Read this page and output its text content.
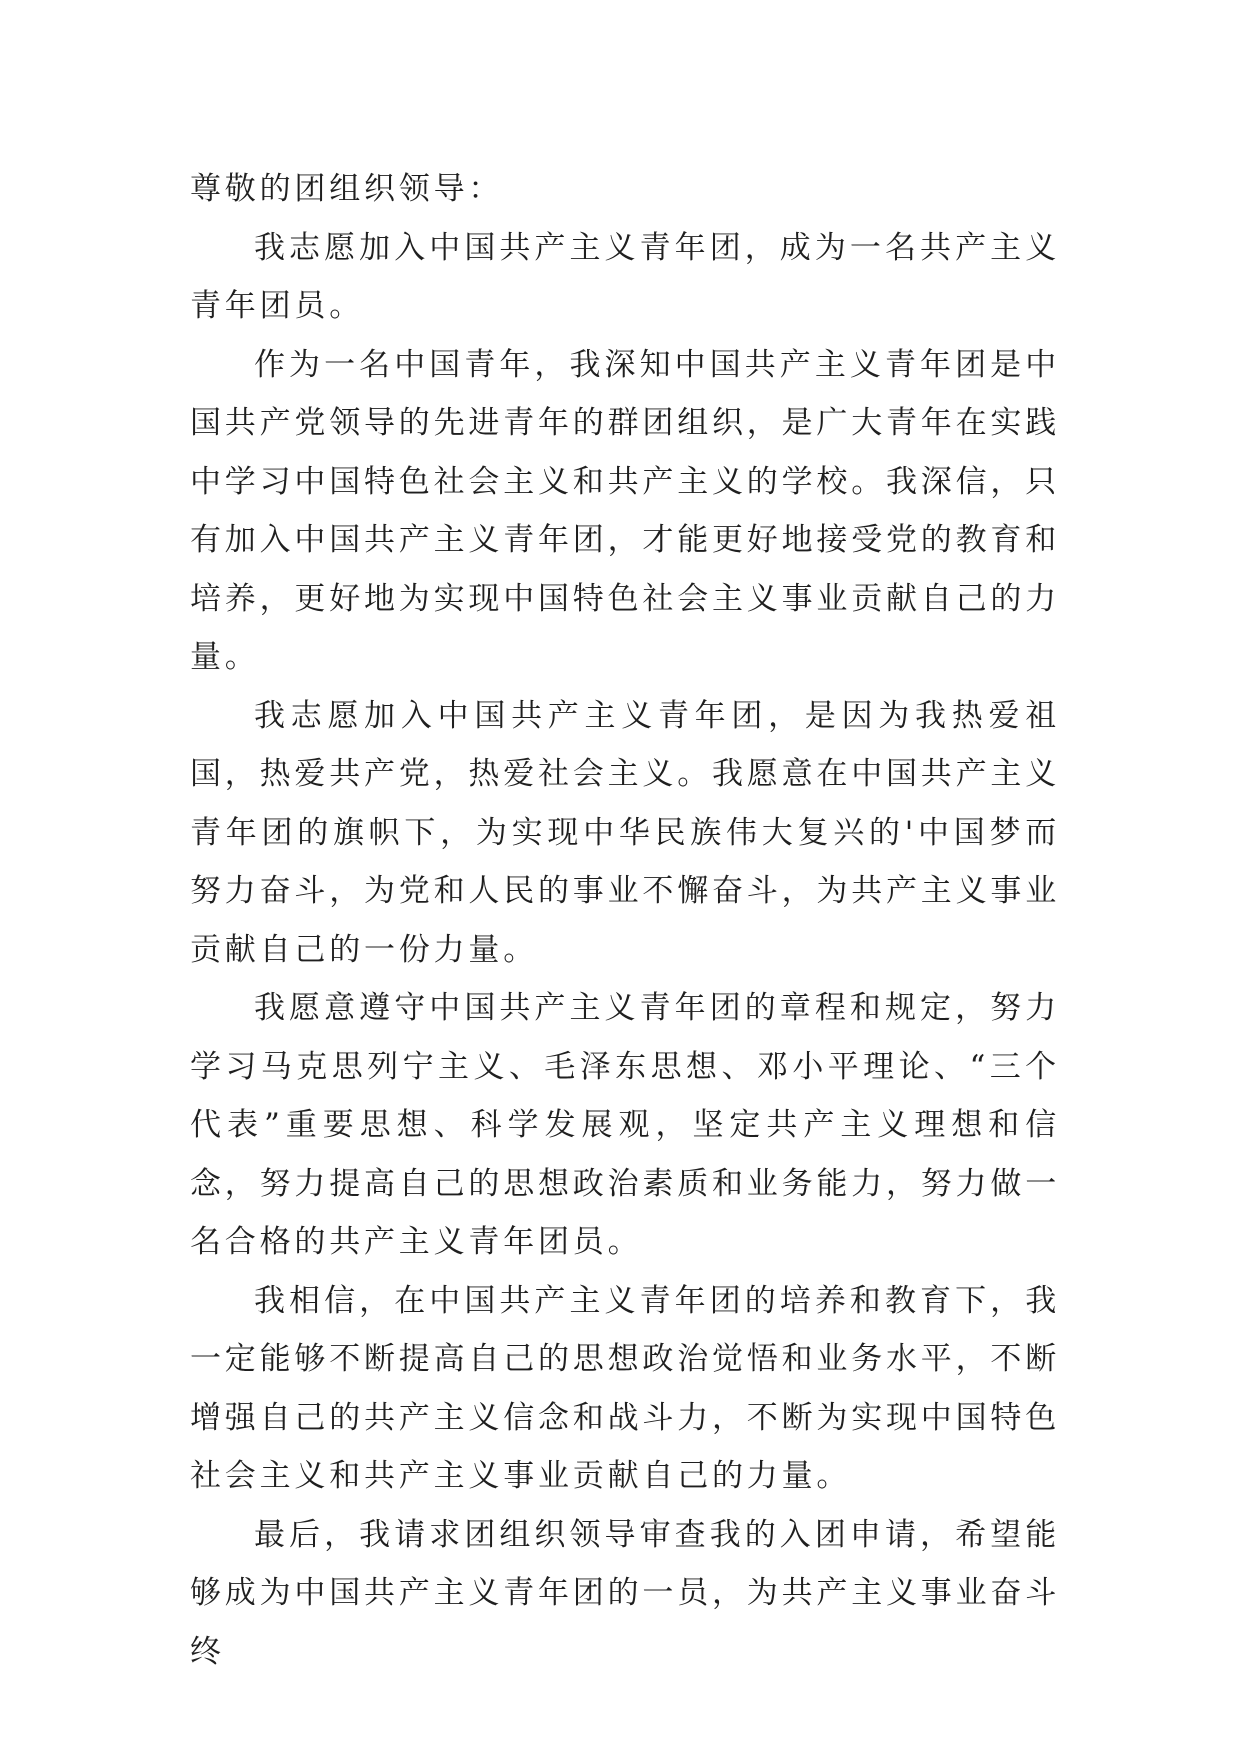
尊敬的团组织领导：

我志愿加入中国共产主义青年团，成为一名共产主义青年团员。

作为一名中国青年，我深知中国共产主义青年团是中国共产党领导的先进青年的群团组织，是广大青年在实践中学习中国特色社会主义和共产主义的学校。我深信，只有加入中国共产主义青年团，才能更好地接受党的教育和培养，更好地为实现中国特色社会主义事业贡献自己的力量。

我志愿加入中国共产主义青年团，是因为我热爱祖国，热爱共产党，热爱社会主义。我愿意在中国共产主义青年团的旗帜下，为实现中华民族伟大复兴的'中国梦而努力奋斗，为党和人民的事业不懈奋斗，为共产主义事业贡献自己的一份力量。

我愿意遵守中国共产主义青年团的章程和规定，努力学习马克思列宁主义、毛泽东思想、邓小平理论、“三个代表”重要思想、科学发展观，坚定共产主义理想和信念，努力提高自己的思想政治素质和业务能力，努力做一名合格的共产主义青年团员。

我相信，在中国共产主义青年团的培养和教育下，我一定能够不断提高自己的思想政治觉悟和业务水平，不断增强自己的共产主义信念和战斗力，不断为实现中国特色社会主义和共产主义事业贡献自己的力量。

最后，我请求团组织领导审查我的入团申请，希望能够成为中国共产主义青年团的一员，为共产主义事业奋斗终
